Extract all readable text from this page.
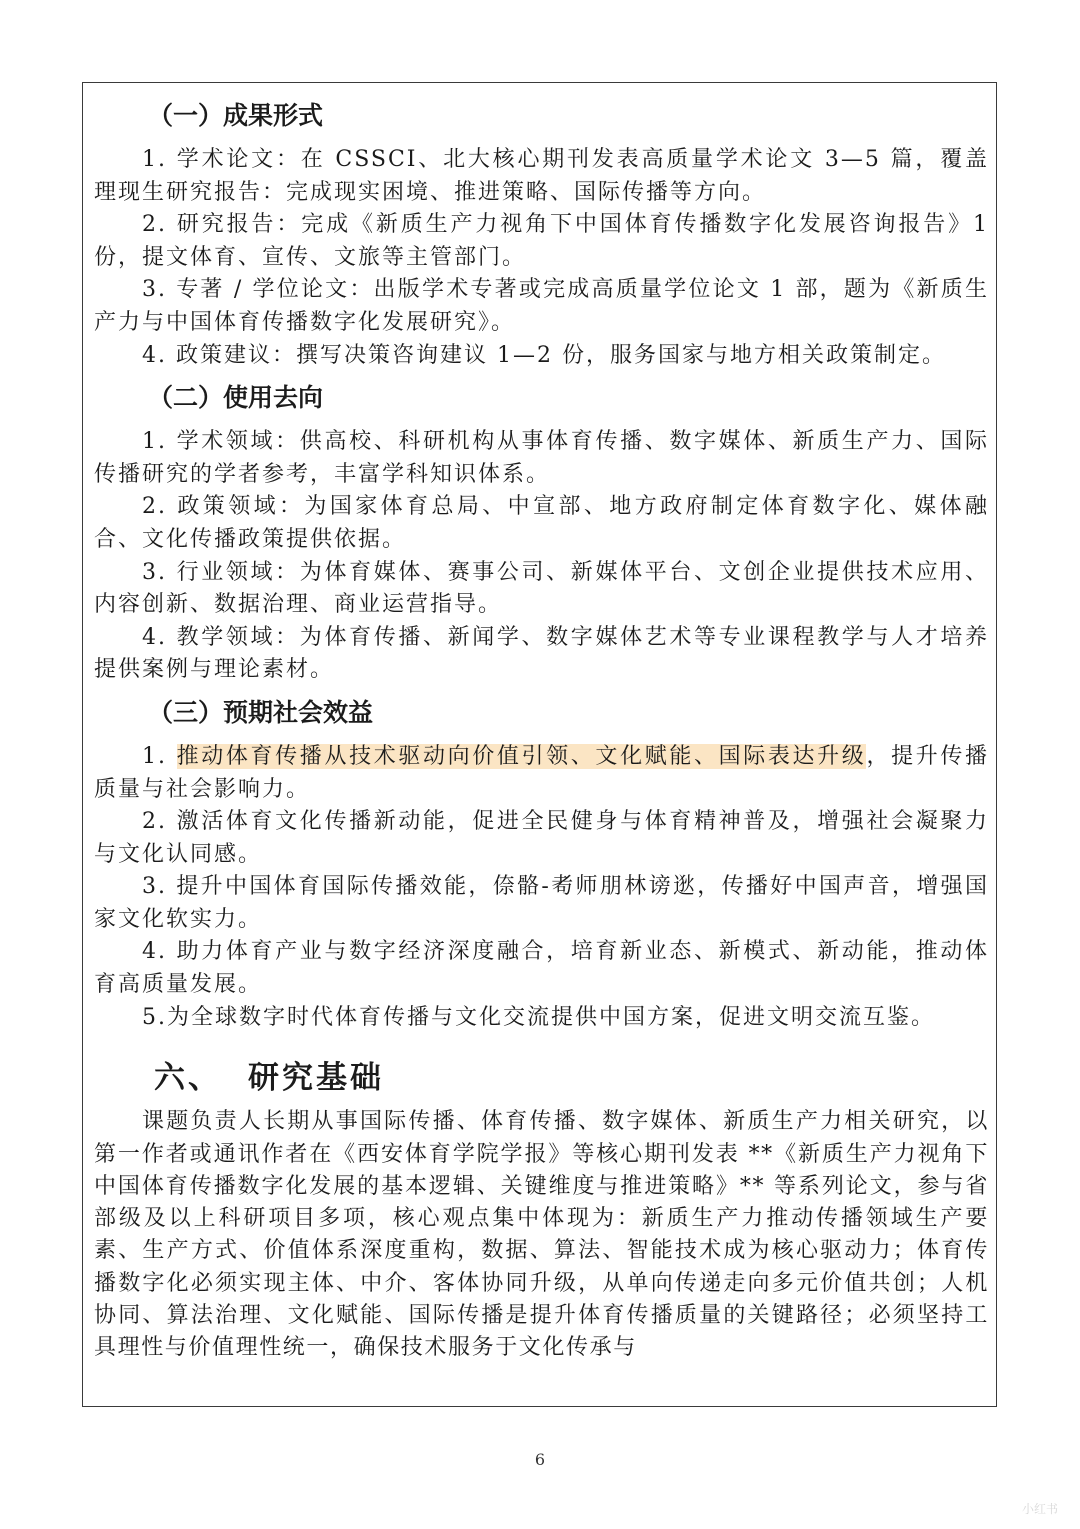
（一）成果形式

1. 学术论文：在 CSSCI、北大核心期刊发表高质量学术论文 3—5 篇，覆盖理现生研究报告：完成现实困境、推进策略、国际传播等方向。

2. 研究报告：完成《新质生产力视角下中国体育传播数字化发展咨询报告》1份，提文体育、宣传、文旅等主管部门。

3. 专著 / 学位论文：出版学术专著或完成高质量学位论文 1 部，题为《新质生产力与中国体育传播数字化发展研究》。

4. 政策建议：撰写决策咨询建议 1—2 份，服务国家与地方相关政策制定。

（二）使用去向

1. 学术领域：供高校、科研机构从事体育传播、数字媒体、新质生产力、国际传播研究的学者参考，丰富学科知识体系。

2. 政策领域：为国家体育总局、中宣部、地方政府制定体育数字化、媒体融合、文化传播政策提供依据。

3. 行业领域：为体育媒体、赛事公司、新媒体平台、文创企业提供技术应用、内容创新、数据治理、商业运营指导。

4. 教学领域：为体育传播、新闻学、数字媒体艺术等专业课程教学与人才培养提供案例与理论素材。

（三）预期社会效益

1. 推动体育传播从技术驱动向价值引领、文化赋能、国际表达升级，提升传播质量与社会影响力。

2. 激活体育文化传播新动能，促进全民健身与体育精神普及，增强社会凝聚力与文化认同感。

3. 提升中国体育国际传播效能，倷骼-耇师朋林谤逖，传播好中国声音，增强国家文化软实力。

4. 助力体育产业与数字经济深度融合，培育新业态、新模式、新动能，推动体育高质量发展。

5.为全球数字时代体育传播与文化交流提供中国方案，促进文明交流互鉴。

六、 研究基础

课题负责人长期从事国际传播、体育传播、数字媒体、新质生产力相关研究，以第一作者或通讯作者在《西安体育学院学报》等核心期刊发表 **《新质生产力视角下中国体育传播数字化发展的基本逻辑、关键维度与推进策略》** 等系列论文，参与省部级及以上科研项目多项，核心观点集中体现为：新质生产力推动传播领域生产要素、生产方式、价值体系深度重构，数据、算法、智能技术成为核心驱动力；体育传播数字化必须实现主体、中介、客体协同升级，从单向传递走向多元价值共创；人机协同、算法治理、文化赋能、国际传播是提升体育传播质量的关键路径；必须坚持工具理性与价值理性统一，确保技术服务于文化传承与

6
小红书
